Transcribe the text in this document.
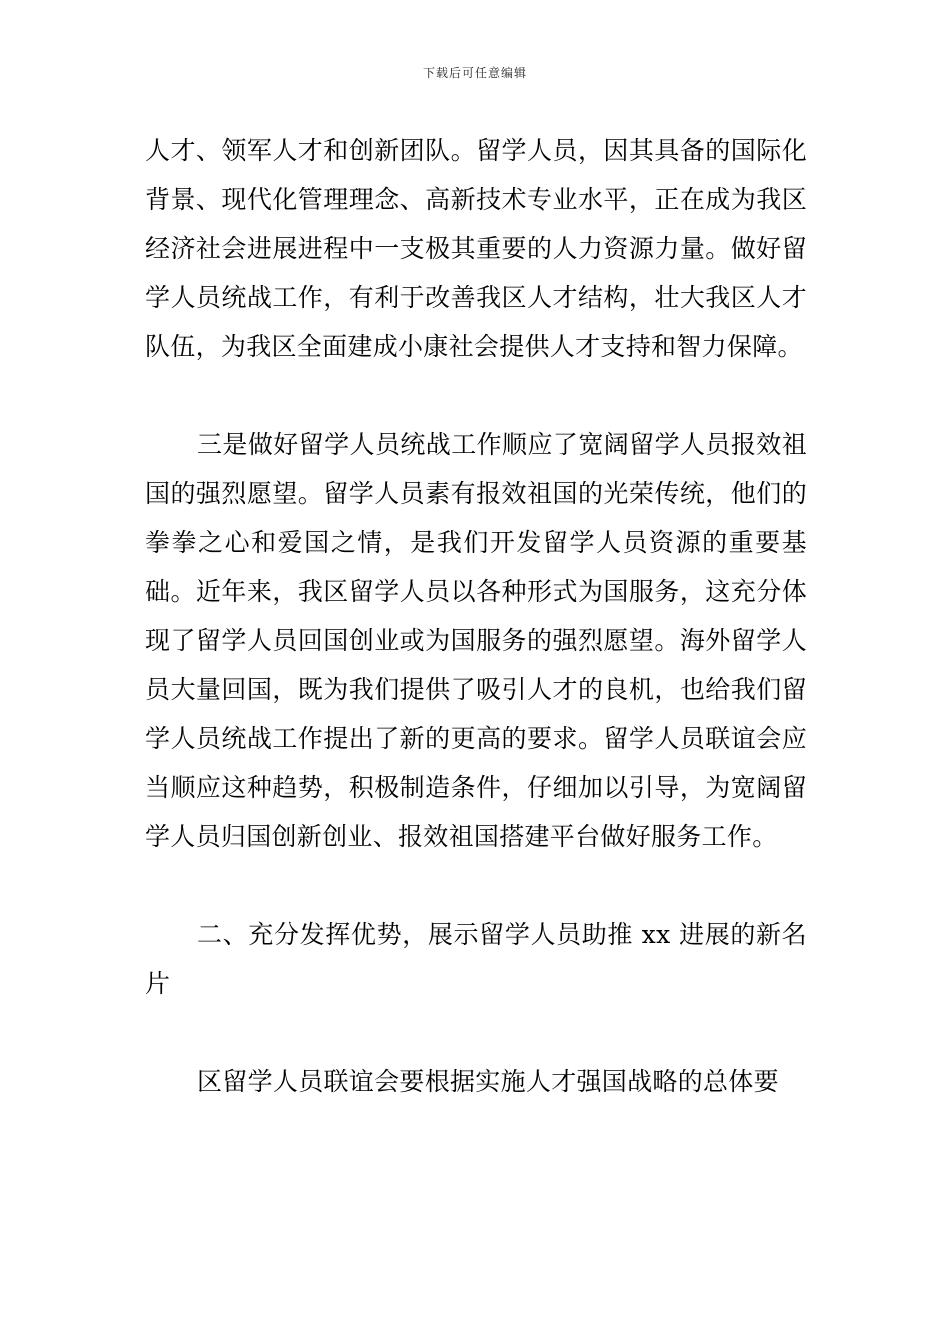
下载后可任意编辑

人才、领军人才和创新团队。留学人员，因其具备的国际化背景、现代化管理理念、高新技术专业水平，正在成为我区经济社会进展进程中一支极其重要的人力资源力量。做好留学人员统战工作，有利于改善我区人才结构，壮大我区人才队伍，为我区全面建成小康社会提供人才支持和智力保障。

三是做好留学人员统战工作顺应了宽阔留学人员报效祖国的强烈愿望。留学人员素有报效祖国的光荣传统，他们的拳拳之心和爱国之情，是我们开发留学人员资源的重要基础。近年来，我区留学人员以各种形式为国服务，这充分体现了留学人员回国创业或为国服务的强烈愿望。海外留学人员大量回国，既为我们提供了吸引人才的良机，也给我们留学人员统战工作提出了新的更高的要求。留学人员联谊会应当顺应这种趋势，积极制造条件，仔细加以引导，为宽阔留学人员归国创新创业、报效祖国搭建平台做好服务工作。

二、充分发挥优势，展示留学人员助推 xx 进展的新名片

区留学人员联谊会要根据实施人才强国战略的总体要
